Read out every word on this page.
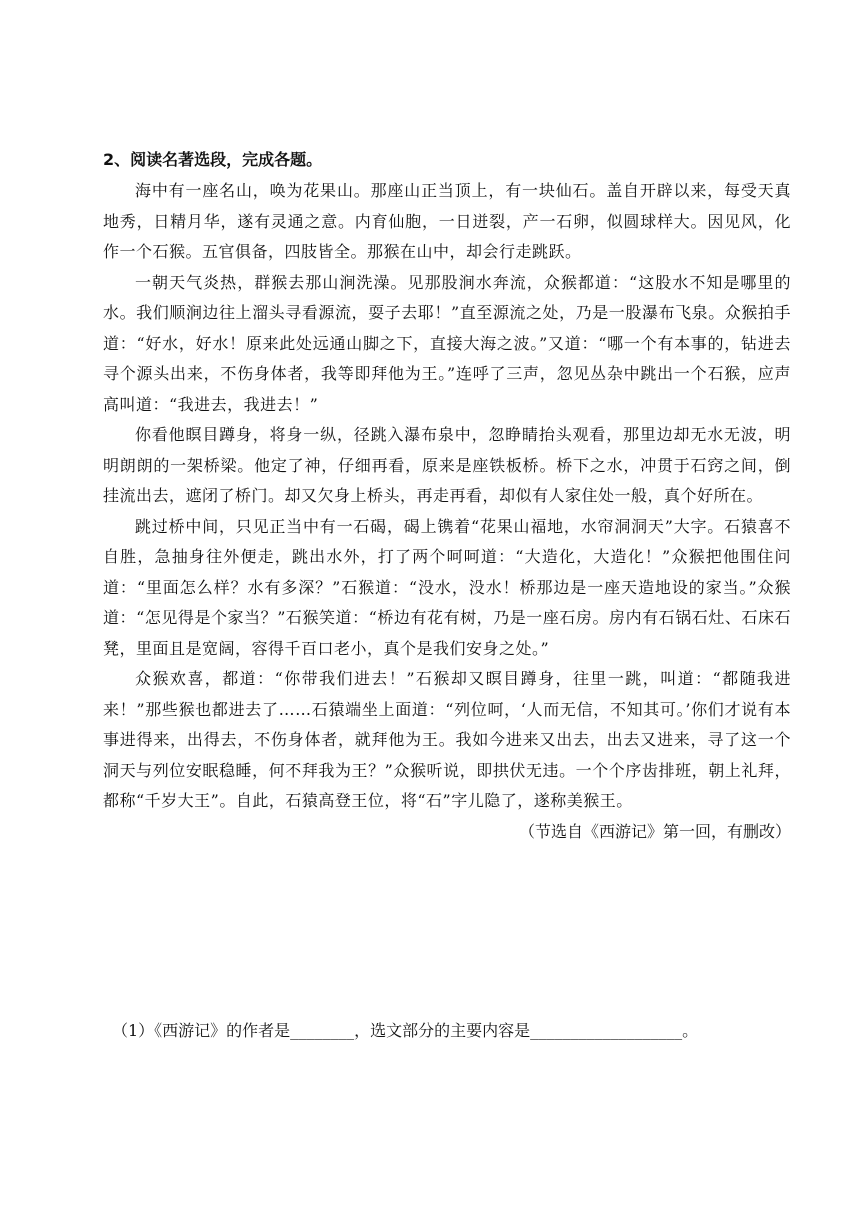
2、阅读名著选段，完成各题。

海中有一座名山，唤为花果山。那座山正当顶上，有一块仙石。盖自开辟以来，每受天真地秀，日精月华，遂有灵通之意。内育仙胞，一日迸裂，产一石卵，似圆球样大。因见风，化作一个石猴。五官俱备，四肢皆全。那猴在山中，却会行走跳跃。

一朝天气炎热，群猴去那山涧洗澡。见那股涧水奔流，众猴都道：“这股水不知是哪里的水。我们顺涧边往上溜头寻看源流，耍子去耶！”直至源流之处，乃是一股瀑布飞泉。众猴拍手道：“好水，好水！原来此处远通山脚之下，直接大海之波。”又道：“哪一个有本事的，钻进去寻个源头出来，不伤身体者，我等即拜他为王。”连呼了三声，忽见丛杂中跳出一个石猴，应声高叫道：“我进去，我进去！”

你看他瞑目蹲身，将身一纵，径跳入瀑布泉中，忽睁睛抬头观看，那里边却无水无波，明明朗朗的一架桥梁。他定了神，仔细再看，原来是座铁板桥。桥下之水，冲贯于石窍之间，倒挂流出去，遮闭了桥门。却又欠身上桥头，再走再看，却似有人家住处一般，真个好所在。

跳过桥中间，只见正当中有一石碣，碣上镌着“花果山福地，水帘洞洞天”大字。石猿喜不自胜，急抽身往外便走，跳出水外，打了两个呵呵道：“大造化，大造化！”众猴把他围住问道：“里面怎么样？水有多深？”石猴道：“没水，没水！桥那边是一座天造地设的家当。”众猴道：“怎见得是个家当？”石猴笑道：“桥边有花有树，乃是一座石房。房内有石锅石灶、石床石凳，里面且是宽阔，容得千百口老小，真个是我们安身之处。”

众猴欢喜，都道：“你带我们进去！”石猴却又瞑目蹲身，往里一跳，叫道：“都随我进来！”那些猴也都进去了……石猿端坐上面道：“列位呵，‘人而无信，不知其可。’你们才说有本事进得来，出得去，不伤身体者，就拜他为王。我如今进来又出去，出去又进来，寻了这一个洞天与列位安眠稳睡，何不拜我为王？”众猴听说，即拱伏无违。一个个序齿排班，朝上礼拜，都称“千岁大王”。自此，石猿高登王位，将“石”字儿隐了，遂称美猴王。

（节选自《西游记》第一回，有删改）

（1）《西游记》的作者是________，选文部分的主要内容是___________________。
